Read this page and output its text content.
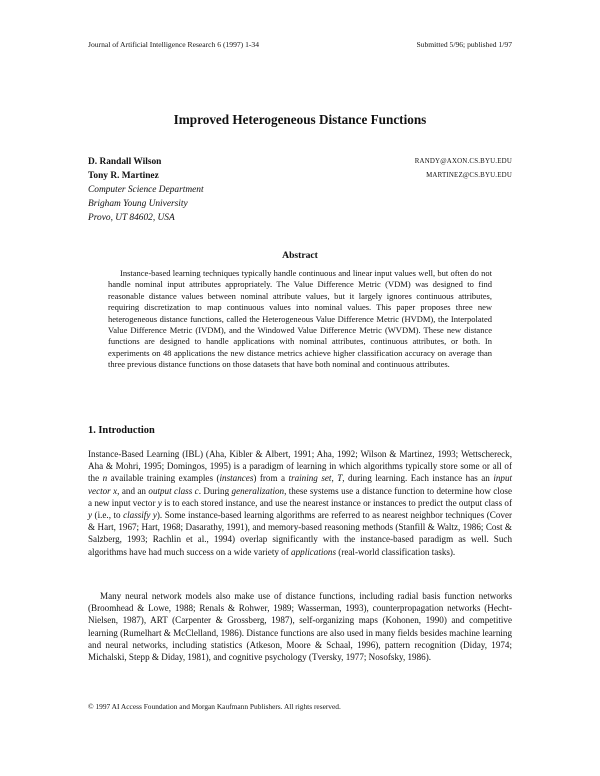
Journal of Artificial Intelligence Research 6 (1997) 1-34	Submitted 5/96; published 1/97
Improved Heterogeneous Distance Functions
D. Randall Wilson	RANDY@AXON.CS.BYU.EDU
Tony R. Martinez	MARTINEZ@CS.BYU.EDU
Computer Science Department
Brigham Young University
Provo, UT 84602, USA
Abstract

Instance-based learning techniques typically handle continuous and linear input values well, but often do not handle nominal input attributes appropriately. The Value Difference Metric (VDM) was designed to find reasonable distance values between nominal attribute values, but it largely ignores continuous attributes, requiring discretization to map continuous values into nominal values. This paper proposes three new heterogeneous distance functions, called the Heterogeneous Value Difference Metric (HVDM), the Interpolated Value Difference Metric (IVDM), and the Windowed Value Difference Metric (WVDM). These new distance functions are designed to handle applications with nominal attributes, continuous attributes, or both. In experiments on 48 applications the new distance metrics achieve higher classification accuracy on average than three previous distance functions on those datasets that have both nominal and continuous attributes.

1. Introduction

Instance-Based Learning (IBL) (Aha, Kibler & Albert, 1991; Aha, 1992; Wilson & Martinez, 1993; Wettschereck, Aha & Mohri, 1995; Domingos, 1995) is a paradigm of learning in which algorithms typically store some or all of the n available training examples (instances) from a training set, T, during learning. Each instance has an input vector x, and an output class c. During generalization, these systems use a distance function to determine how close a new input vector y is to each stored instance, and use the nearest instance or instances to predict the output class of y (i.e., to classify y). Some instance-based learning algorithms are referred to as nearest neighbor techniques (Cover & Hart, 1967; Hart, 1968; Dasarathy, 1991), and memory-based reasoning methods (Stanfill & Waltz, 1986; Cost & Salzberg, 1993; Rachlin et al., 1994) overlap significantly with the instance-based paradigm as well. Such algorithms have had much success on a wide variety of applications (real-world classification tasks).

Many neural network models also make use of distance functions, including radial basis function networks (Broomhead & Lowe, 1988; Renals & Rohwer, 1989; Wasserman, 1993), counterpropagation networks (Hecht-Nielsen, 1987), ART (Carpenter & Grossberg, 1987), self-organizing maps (Kohonen, 1990) and competitive learning (Rumelhart & McClelland, 1986). Distance functions are also used in many fields besides machine learning and neural networks, including statistics (Atkeson, Moore & Schaal, 1996), pattern recognition (Diday, 1974; Michalski, Stepp & Diday, 1981), and cognitive psychology (Tversky, 1977; Nosofsky, 1986).

© 1997 AI Access Foundation and Morgan Kaufmann Publishers. All rights reserved.
